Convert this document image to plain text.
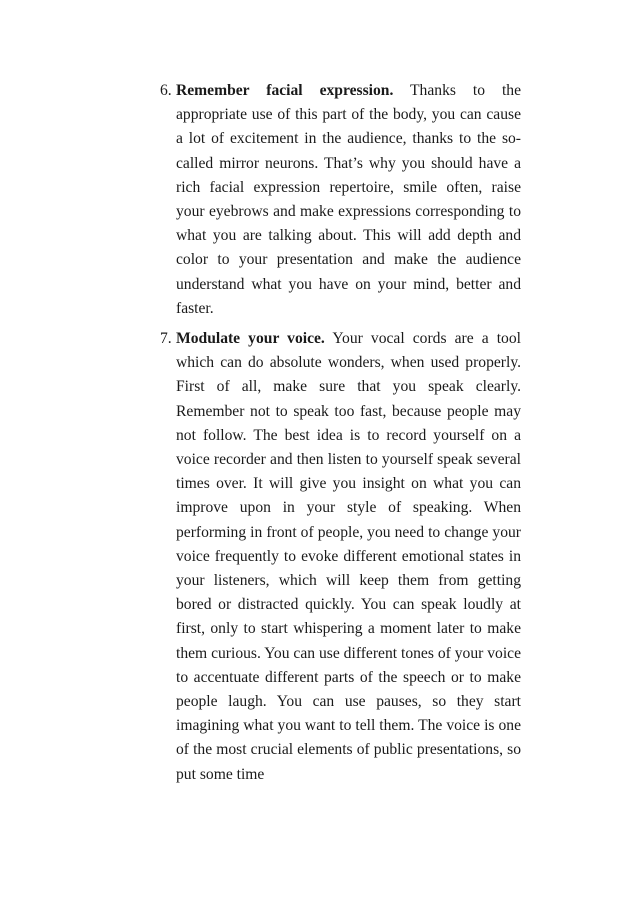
6. Remember facial expression. Thanks to the appropriate use of this part of the body, you can cause a lot of excitement in the audience, thanks to the so-called mirror neurons. That’s why you should have a rich facial expression repertoire, smile often, raise your eyebrows and make expressions corresponding to what you are talking about. This will add depth and color to your presentation and make the audience understand what you have on your mind, better and faster.

7. Modulate your voice. Your vocal cords are a tool which can do absolute wonders, when used properly. First of all, make sure that you speak clearly. Remember not to speak too fast, because people may not follow. The best idea is to record yourself on a voice recorder and then listen to yourself speak several times over. It will give you insight on what you can improve upon in your style of speaking. When performing in front of people, you need to change your voice frequently to evoke different emotional states in your listeners, which will keep them from getting bored or distracted quickly. You can speak loudly at first, only to start whispering a moment later to make them curious. You can use different tones of your voice to accentuate different parts of the speech or to make people laugh. You can use pauses, so they start imagining what you want to tell them. The voice is one of the most crucial elements of public presentations, so put some time
